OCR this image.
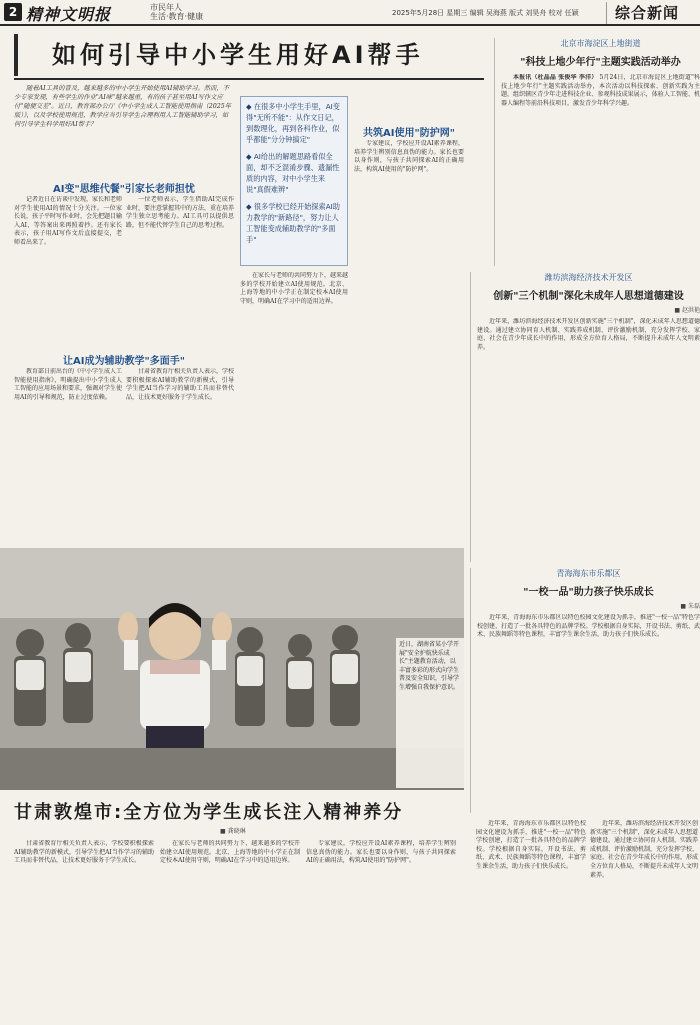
2 精神文明报	市民年人
生活·教育·健康	2025年5月28日 星期三 编辑 吴海燕 版式 刘昊舟 校对 任颖	综合新闻
如何引导中小学生用好AI帮手
随着AI工具的普及，越来越多的中小学生开始使用AI辅助学习。然而，不少专家发现，有些学生的作业"AI味"越来越重，有的孩子甚至用AI写作文应付"随便交差"。近日，教育部办公厅《中小学生成人工智能使用指南（2025年版）》，以及学校使用规范，教学应当引导学生合理利用人工智能辅助学习，如何引导学生科学用好AI帮手？
AI变"思维代餐"引家长老师担忧
记者近日在访谈中发现，家长和老师对学生使用AI的情况十分关注。一位家长说，孩子平时写作业时，会先把题目输入AI，等答案出来再照着抄。还有家长表示，孩子用AI写作文后直接提交，老师看出来了。
一位老师表示，学生借助AI完成作业时，要注意掌握其中的方法，重在培养学生独立思考能力。AI工具可以提供思路，但不能代替学生自己的思考过程。
让AI成为辅助教学"多面手"
教育部日前出台的《中小学生成人工智能使用指南》，明确提出中小学生成人工智能的应用场景和要求，强调对学生使用AI的引导和规范，防止过度依赖。
甘肃省教育厅相关负责人表示，学校要积极探索AI辅助教学的新模式，引导学生把AI当作学习的辅助工具而非替代品，让技术更好服务于学生成长。
◆ 在很多中小学生手里，AI变得"无所不能"：从作文日记，到数理化，再到各科作业，似乎都能"分分钟搞定"
◆ AI给出的解题思路看似全面，却不乏混淆步骤、遗漏性质的内容，对中小学生来说"真假难辨"
◆ 很多学校已经开始探索AI助力教学的"新路径"，努力让人工智能变成辅助教学的"多面手"
在家长与老师的共同努力下，越来越多的学校开始建立AI使用规范。北京、上海等地的中小学正在制定校本AI使用守则，明确AI在学习中的适用边界。
共筑AI使用"防护网"
专家建议，学校应开设AI素养课程，培养学生辨别信息真伪的能力。家长也要以身作则，与孩子共同探索AI的正确用法，构筑AI使用的"防护网"。
北京市海淀区上地街道
"科技上地少年行"主题实践活动举办
本报讯（杜晶晶 张俊华 李洋） 5月24日，北京市海淀区上地街道"科技上地少年行"主题实践活动举办，本次活动以科技探索、创新实践为主题，组织辖区青少年走进科技企业、参观科技成果展示，体验人工智能、机器人编程等前沿科技项目，激发青少年科学兴趣。
潍坊滨海经济技术开发区
创新"三个机制"深化未成年人思想道德建设
■ 赵洪艳
近年来，潍坊滨海经济技术开发区创新实施"三个机制"，深化未成年人思想道德建设。通过建立协同育人机制、实践养成机制、评价激励机制，充分发挥学校、家庭、社会在青少年成长中的作用，形成全方位育人格局，不断提升未成年人文明素养。
青海海东市乐都区
"一校一品"助力孩子快乐成长
■ 朱磊
近年来，青海海东市乐都区以特色校园文化建设为抓手，推进"一校一品"特色学校创建，打造了一批各具特色的品牌学校。学校根据自身实际，开设书法、剪纸、武术、民族舞蹈等特色课程，丰富学生课余生活，助力孩子们快乐成长。
近日，湖南省某小学开展"安全护航快乐成长"主题教育活动，以丰富多彩的形式向学生普及安全知识，引导学生增强自我保护意识。
甘肃敦煌市:全方位为学生成长注入精神养分
■ 龚晓琳
甘肃省教育厅相关负责人表示，学校要积极探索AI辅助教学的新模式，引导学生把AI当作学习的辅助工具而非替代品，让技术更好服务于学生成长。
在家长与老师的共同努力下，越来越多的学校开始建立AI使用规范。北京、上海等地的中小学正在制定校本AI使用守则，明确AI在学习中的适用边界。
专家建议，学校应开设AI素养课程，培养学生辨别信息真伪的能力。家长也要以身作则，与孩子共同探索AI的正确用法，构筑AI使用的"防护网"。
近年来，青海海东市乐都区以特色校园文化建设为抓手，推进"一校一品"特色学校创建，打造了一批各具特色的品牌学校。学校根据自身实际，开设书法、剪纸、武术、民族舞蹈等特色课程，丰富学生课余生活，助力孩子们快乐成长。
近年来，潍坊滨海经济技术开发区创新实施"三个机制"，深化未成年人思想道德建设。通过建立协同育人机制、实践养成机制、评价激励机制，充分发挥学校、家庭、社会在青少年成长中的作用，形成全方位育人格局，不断提升未成年人文明素养。
